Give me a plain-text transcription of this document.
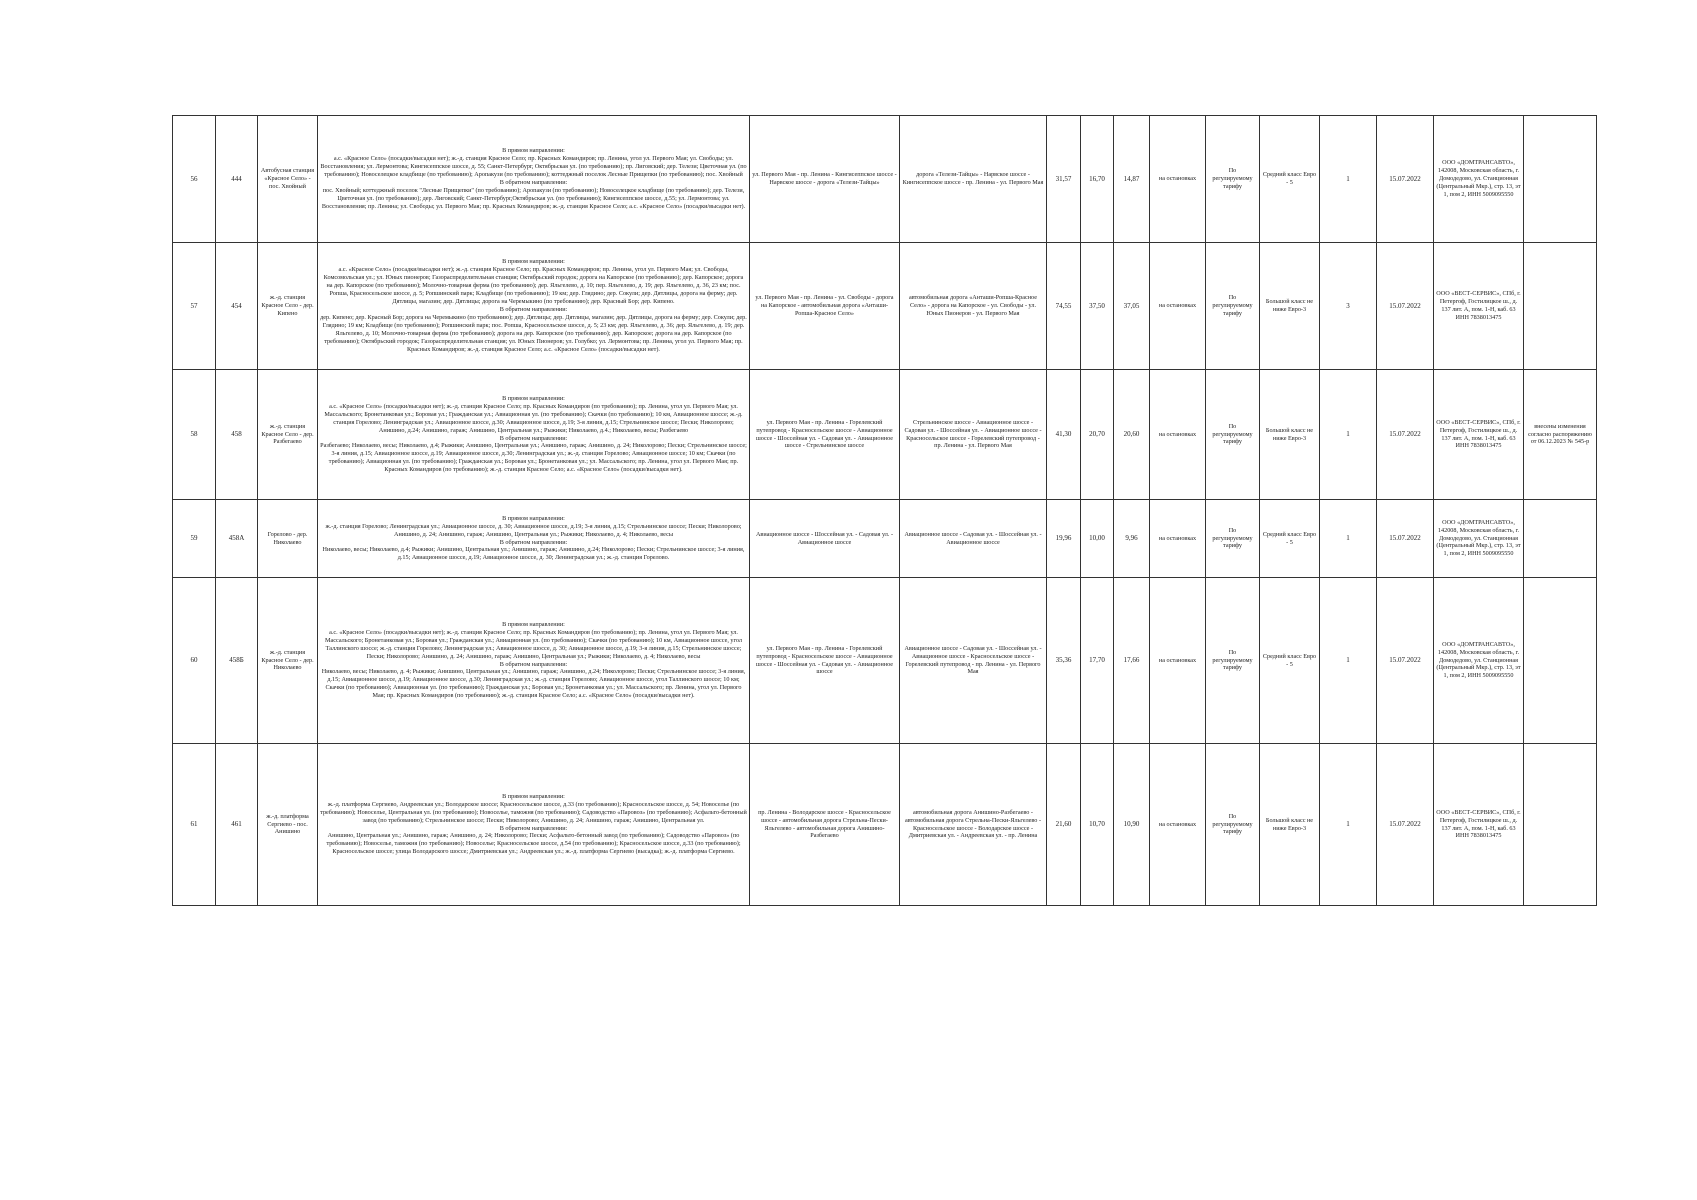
56	444	Автобусная станция «Красное Село» - пос. Хвойный	В прямом направлении:
а.с. «Красное Село» (посадки/высадки нет); ж.-д. станция Красное Село; пр. Красных Командиров; пр. Ленина, угол ул. Первого Мая; ул. Свободы; ул. Восстановления; ул. Лермонтова; Кингисеппское шоссе, д. 55; Санкт-Петербург, Октябрьская ул. (по требованию); пр. Лиговский; дер. Телези; Цветочная ул. (по требованию); Новоселецкое кладбище (по требованию); Аропакузи (по требованию); коттеджный поселок Лесные Прищепки (по требованию); пос. Хвойный
В обратном направлении:
пос. Хвойный; коттеджный поселок "Лесные Прищепки" (по требованию); Аропакузи (по требованию); Новоселецкое кладбище (по требованию); дер. Телези, Цветочная ул. (по требованию); дер. Лиговский; Санкт-Петербург,Октябрьская ул. (по требованию); Кингисеппское шоссе, д.55; ул. Лермонтова; ул. Восстановления; пр. Ленина; ул. Свободы; ул. Первого Мая; пр. Красных Командиров; ж.-д. станция Красное Село; а.с. «Красное Село» (посадки/высадки нет).	ул. Первого Мая - пр. Ленина - Кингисеппское шоссе - Нарвское шоссе - дорога «Телези-Тайцы»	дорога «Телези-Тайцы» - Нарвское шоссе - Кингисеппское шоссе - пр. Ленина - ул. Первого Мая	31,57	16,70	14,87	на остановках	По регулируемому тарифу	Средний класс Евро - 5	1	15.07.2022	ООО «ДОМТРАНСАВТО», 142008, Московская область, г. Домодедово, ул. Станционная (Центральный Мкр.), стр. 13, эт 1, пом 2, ИНН 5009095550	
57	454	ж.-д. станция Красное Село - дер. Кипено	В прямом направлении:
а.с. «Красное Село» (посадки/высадки нет); ж.-д. станция Красное Село; пр. Красных Командиров; пр. Ленина, угол ул. Первого Мая; ул. Свободы, Комсомольская ул.; ул. Юных пионеров; Газораспределительная станция; Октябрьский городок; дорога на Капорское (по требованию); дер. Капорское; дорога на дер. Капорское (по требованию); Молочно-товарная ферма (по требованию); дер. Яльгелево, д. 10; пер. Яльгелево, д. 19; дер. Яльгелево, д. 36, 23 км; пос. Ропша, Красносельское шоссе, д. 5; Ропшинский парк; Кладбище (по требованию); 19 км; дер. Глядино; дер. Сокули; дер. Дятлицы, дорога на ферму; дер. Дятлицы, магазин; дер. Дятлицы; дорога на Черемыкино (по требованию); дер. Красный Бор; дер. Кипено.
В обратном направлении:
дер. Кипено; дер. Красный Бор; дорога на Черемыкино (по требованию); дер. Дятлицы; дер. Дятлицы, магазин; дер. Дятлицы, дорога на ферму; дер. Сокули; дер. Глядино; 19 км; Кладбище (по требованию); Ропшинский парк; пос. Ропша, Красносельское шоссе, д. 5; 23 км; дер. Яльгелево, д. 36; дер. Яльгелево, д. 19; дер. Яльгелево, д. 10; Молочно-товарная ферма (по требованию); дорога на дер. Капорское (по требованию); дер. Капорское; дорога на дер. Капорское (по требованию); Октябрьский городок; Газораспределительная станция; ул. Юных Пионеров; ул. Голубко; ул. Лермонтова; пр. Ленина, угол ул. Первого Мая; пр. Красных Командиров; ж.-д. станция Красное Село; а.с. «Красное Село» (посадки/высадки нет).	ул. Первого Мая - пр. Ленина - ул. Свободы - дорога на Капорское - автомобильная дорога «Анташи-Ропша-Красное Село»	автомобильная дорога «Анташи-Ропша-Красное Село» - дорога на Капорское - ул. Свободы - ул. Юных Пионеров - ул. Первого Мая	74,55	37,50	37,05	на остановках	По регулируемому тарифу	Большой класс не ниже Евро-3	3	15.07.2022	ООО «ВЕСТ-СЕРВИС», СПб, г. Петергоф, Гостилицкое ш., д. 137 лит. А, пом. 1-Н, каб. 63 ИНН 7838013475	
58	458	ж.-д. станция Красное Село - дер. Разбегаево	В прямом направлении:
а.с. «Красное Село» (посадки/высадки нет); ж.-д. станция Красное Село; пр. Красных Командиров (по требованию); пр. Ленина, угол ул. Первого Мая; ул. Массальского; Бронетанковая ул.; Боровая ул.; Гражданская ул.; Авиационная ул. (по требованию); Скачки (по требованию); 10 км, Авиационное шоссе; ж.-д. станция Горелово; Ленинградская ул.; Авиационное шоссе, д.30; Авиационное шоссе, д.19; 3-я линия, д.15; Стрельнинское шоссе; Пески; Николорово; Анишино, д.24; Анишино, гараж; Анишино, Центральная ул.; Рыжики; Николаево, д.4.; Николаево, весы; Разбегаево
В обратном направлении:
Разбегаево; Николаево, весы; Николаево, д.4; Рыжики; Анишино, Центральная ул.; Анишино, гараж; Анишино, д. 24; Николорово; Пески; Стрельнинское шоссе; 3-я линия, д.15; Авиационное шоссе, д.19; Авиационное шоссе, д.30; Ленинградская ул.; ж.-д. станция Горелово; Авиационное шоссе; 10 км; Скачки (по требованию); Авиационная ул. (по требованию); Гражданская ул.; Боровая ул.; Бронетанковая ул.; ул. Массальского; пр. Ленина, угол ул. Первого Мая; пр. Красных Командиров (по требованию); ж.-д. станция Красное Село; а.с. «Красное Село» (посадки/высадки нет).	ул. Первого Мая - пр. Ленина - Горелевский путепровод - Красносельское шоссе - Авиационное шоссе - Шоссейная ул. - Садовая ул. - Авиационное шоссе - Стрельнинское шоссе	Стрельнинское шоссе - Авиационное шоссе - Садовая ул. - Шоссейная ул. - Авиационное шоссе - Красносельское шоссе - Горелевский путепровод - пр. Ленина - ул. Первого Мая	41,30	20,70	20,60	на остановках	По регулируемому тарифу	Большой класс не ниже Евро-3	1	15.07.2022	ООО «ВЕСТ-СЕРВИС», СПб, г. Петергоф, Гостилицкое ш., д. 137 лит. А, пом. 1-Н, каб. 63 ИНН 7838013475	внесены изменения согласно распоряжению от 06.12.2023 № 545-р
59	458А	Горелово - дер. Николаево	В прямом направлении:
ж.-д. станция Горелово; Ленинградская ул.; Авиационное шоссе, д. 30; Авиационное шоссе, д.19; 3-я линия, д.15; Стрельнинское шоссе; Пески; Николорово; Анишино, д. 24; Анишино, гараж; Анишино, Центральная ул.; Рыжики; Николаево, д. 4; Николаево, весы
В обратном направлении:
Николаево, весы; Николаево, д.4; Рыжики; Анишино, Центральная ул.; Анишино, гараж; Анишино, д.24; Николорово; Пески; Стрельнинское шоссе; 3-я линия, д.15; Авиационное шоссе, д.19; Авиационное шоссе, д. 30; Ленинградская ул.; ж.-д. станция Горелово.	Авиационное шоссе - Шоссейная ул. - Садовая ул. - Авиационное шоссе	Авиационное шоссе - Садовая ул. - Шоссейная ул. - Авиационное шоссе	19,96	10,00	9,96	на остановках	По регулируемому тарифу	Средний класс Евро - 5	1	15.07.2022	ООО «ДОМТРАНСАВТО», 142008, Московская область, г. Домодедово, ул. Станционная (Центральный Мкр.), стр. 13, эт 1, пом 2, ИНН 5009095550	
60	458Б	ж.-д. станция Красное Село - дер. Николаево	В прямом направлении:
а.с. «Красное Село» (посадки/высадки нет); ж.-д. станция Красное Село; пр. Красных Командиров (по требованию); пр. Ленина, угол ул. Первого Мая; ул. Массальского; Бронетанковая ул.; Боровая ул.; Гражданская ул.; Авиационная ул. (по требованию); Скачки (по требованию); 10 км, Авиационное шоссе, угол Таллинского шоссе; ж.-д. станция Горелово; Ленинградская ул.; Авиационное шоссе, д. 30; Авиационное шоссе, д.19; 3-я линия, д.15; Стрельнинское шоссе; Пески; Николорово; Анишино, д. 24; Анишино, гараж; Анишино, Центральная ул.; Рыжики; Николаево, д. 4; Николаево, весы
В обратном направлении:
Николаево, весы; Николаево, д. 4; Рыжики; Анишино, Центральная ул.; Анишино, гараж; Анишино, д.24; Николорово; Пески; Стрельнинское шоссе; 3-я линия, д.15; Авиационное шоссе, д.19; Авиационное шоссе, д.30; Ленинградская ул.; ж.-д. станция Горелово; Авиационное шоссе, угол Таллинского шоссе; 10 км; Скачки (по требованию); Авиационная ул. (по требованию); Гражданская ул.; Боровая ул.; Бронетанковая ул.; ул. Массальского; пр. Ленина, угол ул. Первого Мая; пр. Красных Командиров (по требованию); ж.-д. станция Красное Село; а.с. «Красное Село» (посадки/высадки нет).	ул. Первого Мая - пр. Ленина - Горелевский путепровод - Красносельское шоссе - Авиационное шоссе - Шоссейная ул. - Садовая ул. - Авиационное шоссе	Авиационное шоссе - Садовая ул. - Шоссейная ул. - Авиационное шоссе - Красносельское шоссе - Горелевский путепровод - пр. Ленина - ул. Первого Мая	35,36	17,70	17,66	на остановках	По регулируемому тарифу	Средний класс Евро - 5	1	15.07.2022	ООО «ДОМТРАНСАВТО», 142008, Московская область, г. Домодедово, ул. Станционная (Центральный Мкр.), стр. 13, эт 1, пом 2, ИНН 5009095550	
61	461	ж.-д. платформа Сергиево - пос. Анишино	В прямом направлении:
ж.-д. платформа Сергиево, Андреевская ул.; Володарское шоссе; Красносельское шоссе, д.33 (по требованию); Красносельское шоссе, д. 54; Новоселье (по требованию); Новоселье, Центральная ул. (по требованию); Новоселье, таможня (по требованию); Садоводство «Паровоз» (по требованию); Асфальто-бетонный завод (по требованию); Стрельнинское шоссе; Пески; Николорово; Анишино, д. 24; Анишино, гараж; Анишино, Центральная ул.
В обратном направлении:
Анишино, Центральная ул.; Анишино, гараж; Анишино, д. 24; Николорово; Пески; Асфальто-бетонный завод (по требованию); Садоводство «Паровоз» (по требованию); Новоселье, таможня (по требованию); Новоселье; Красносельское шоссе, д.54 (по требованию); Красносельское шоссе, д.33 (по требованию); Красносельское шоссе; улица Володарского шоссе; Дмитриевская ул.; Андреевская ул.; ж.-д. платформа Сергиево (высадка); ж.-д. платформа Сергиево.	пр. Ленина - Володарское шоссе - Красносельское шоссе - автомобильная дорога Стрельна-Пески-Яльгелево - автомобильная дорога Анишино-Разбегаево	автомобильная дорога Анишино-Разбегаево - автомобильная дорога Стрельна-Пески-Яльгелево - Красносельское шоссе - Володарское шоссе - Дмитриевская ул. - Андреевская ул. - пр. Ленина	21,60	10,70	10,90	на остановках	По регулируемому тарифу	Большой класс не ниже Евро-3	1	15.07.2022	ООО «ВЕСТ-СЕРВИС», СПб, г. Петергоф, Гостилицкое ш., д. 137 лит. А, пом. 1-Н, каб. 63 ИНН 7838013475	
